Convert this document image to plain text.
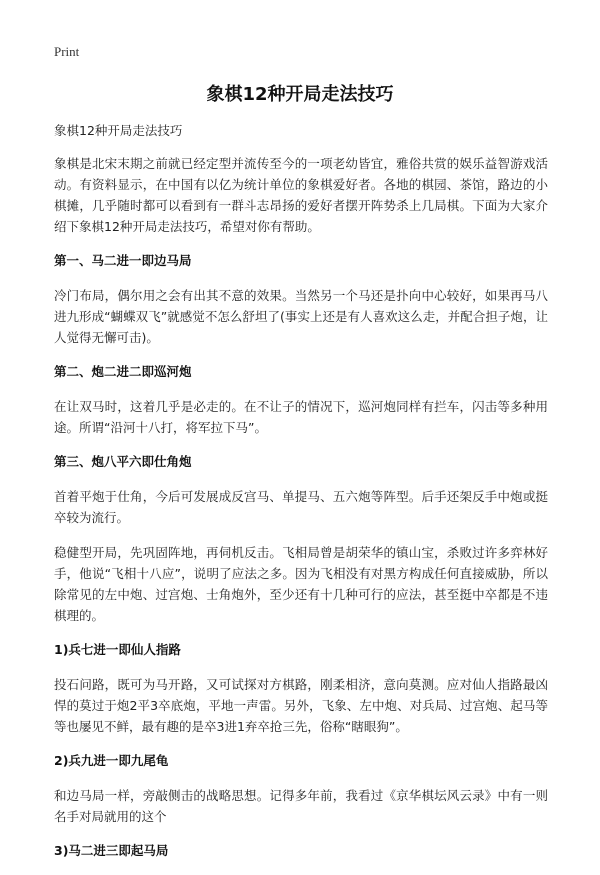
Print
象棋12种开局走法技巧

象棋12种开局走法技巧

象棋是北宋末期之前就已经定型并流传至今的一项老幼皆宜，雅俗共赏的娱乐益智游戏活动。有资料显示，在中国有以亿为统计单位的象棋爱好者。各地的棋园、茶馆，路边的小棋摊，几乎随时都可以看到有一群斗志昂扬的爱好者摆开阵势杀上几局棋。下面为大家介绍下象棋12种开局走法技巧，希望对你有帮助。

第一、马二进一即边马局

冷门布局，偶尔用之会有出其不意的效果。当然另一个马还是扑向中心较好，如果再马八进九形成“蝴蝶双飞”就感觉不怎么舒坦了(事实上还是有人喜欢这么走，并配合担子炮，让人觉得无懈可击)。

第二、炮二进二即巡河炮

在让双马时，这着几乎是必走的。在不让子的情况下，巡河炮同样有拦车，闪击等多种用途。所谓“沿河十八打，将军拉下马”。

第三、炮八平六即仕角炮

首着平炮于仕角，今后可发展成反宫马、单提马、五六炮等阵型。后手还架反手中炮或挺卒较为流行。

稳健型开局，先巩固阵地，再伺机反击。飞相局曾是胡荣华的镇山宝，杀败过许多弈林好手，他说“飞相十八应”，说明了应法之多。因为飞相没有对黑方构成任何直接威胁，所以除常见的左中炮、过宫炮、士角炮外，至少还有十几种可行的应法，甚至挺中卒都是不违棋理的。

1)兵七进一即仙人指路

投石问路，既可为马开路，又可试探对方棋路，刚柔相济，意向莫测。应对仙人指路最凶悍的莫过于炮2平3卒底炮，平地一声雷。另外，飞象、左中炮、对兵局、过宫炮、起马等等也屡见不鲜，最有趣的是卒3进1弃卒抢三先，俗称“瞎眼狗”。

2)兵九进一即九尾龟

和边马局一样，旁敲侧击的战略思想。记得多年前，我看过《京华棋坛风云录》中有一则名手对局就用的这个

3)马二进三即起马局
